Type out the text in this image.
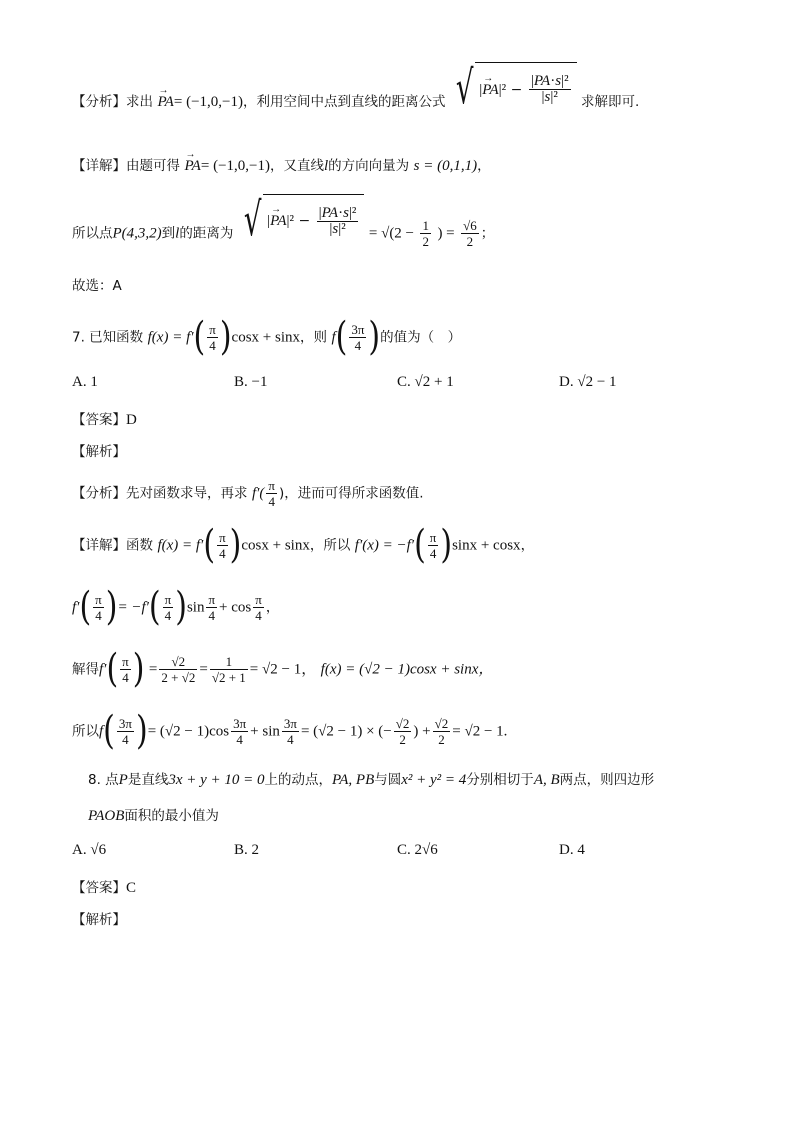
【分析】求出 → PA= (−1,0,−1)，利用空间中点到直线的距离公式 √ |→ $PA|^2 - \frac{\text{|PA·s|²}}{\text{|s|²}}$ 求解即可.
【详解】由题可得 → PA= (−1,0,−1)，又直线l的方向向量为 s = (0,1,1)，
所以点P(4,3,2)到l的距离为 √ |→ $PA|^2 - \frac{\text{|PA·s|²}}{\text{|s|²}} = √(2 - \frac{1}{2}$ ) = $\frac{√6}{2}$ ；
故选：A
7. 已知函数 $f(x) = f'( \frac{\pi}{4} )\cos x + \sin x$，则 $f( \frac{3\pi}{4}$ )的值为（　）
A. 1	B. −1	C. √2 + 1	D. √2 − 1
【答案】D
【解析】
【分析】先对函数求导，再求 $f'( \frac{\pi}{4}$ )，进而可得所求函数值.
【详解】函数 $f(x) = f'( \frac{\pi}{4} )\cos x + \sin x$，所以 $f'(x) = -f'( \frac{\pi}{4} )\sin x + \cos x$，
$f'( \frac{\pi}{4}$ )= $-f'( \frac{\pi}{4} )\sin \frac{\pi}{4} + \cos \frac{\pi}{4}$ ，
解得$f'( \frac{\pi}{4}$ ) = $\frac{√2}{2 + √2} = \frac{1}{√2 + 1} = √2 - 1$， f(x) = (√2 − 1)cosx + sinx，
所以$f( \frac{3\pi}{4}$ )= $(√2 - 1)\cos \frac{3\pi}{4} + \sin \frac{3\pi}{4} = (√2 - 1)$ × (− $\frac{√2}{2}$ ) + $\frac{√2}{2} = √2 - 1$.
8. 点P是直线3x + y + 10 = 0上的动点，PA, PB与圆x² + y² = 4分别相切于A, B两点，则四边形
PAOB面积的最小值为
A. √6	B. 2	C. 2√6	D. 4
【答案】C
【解析】
